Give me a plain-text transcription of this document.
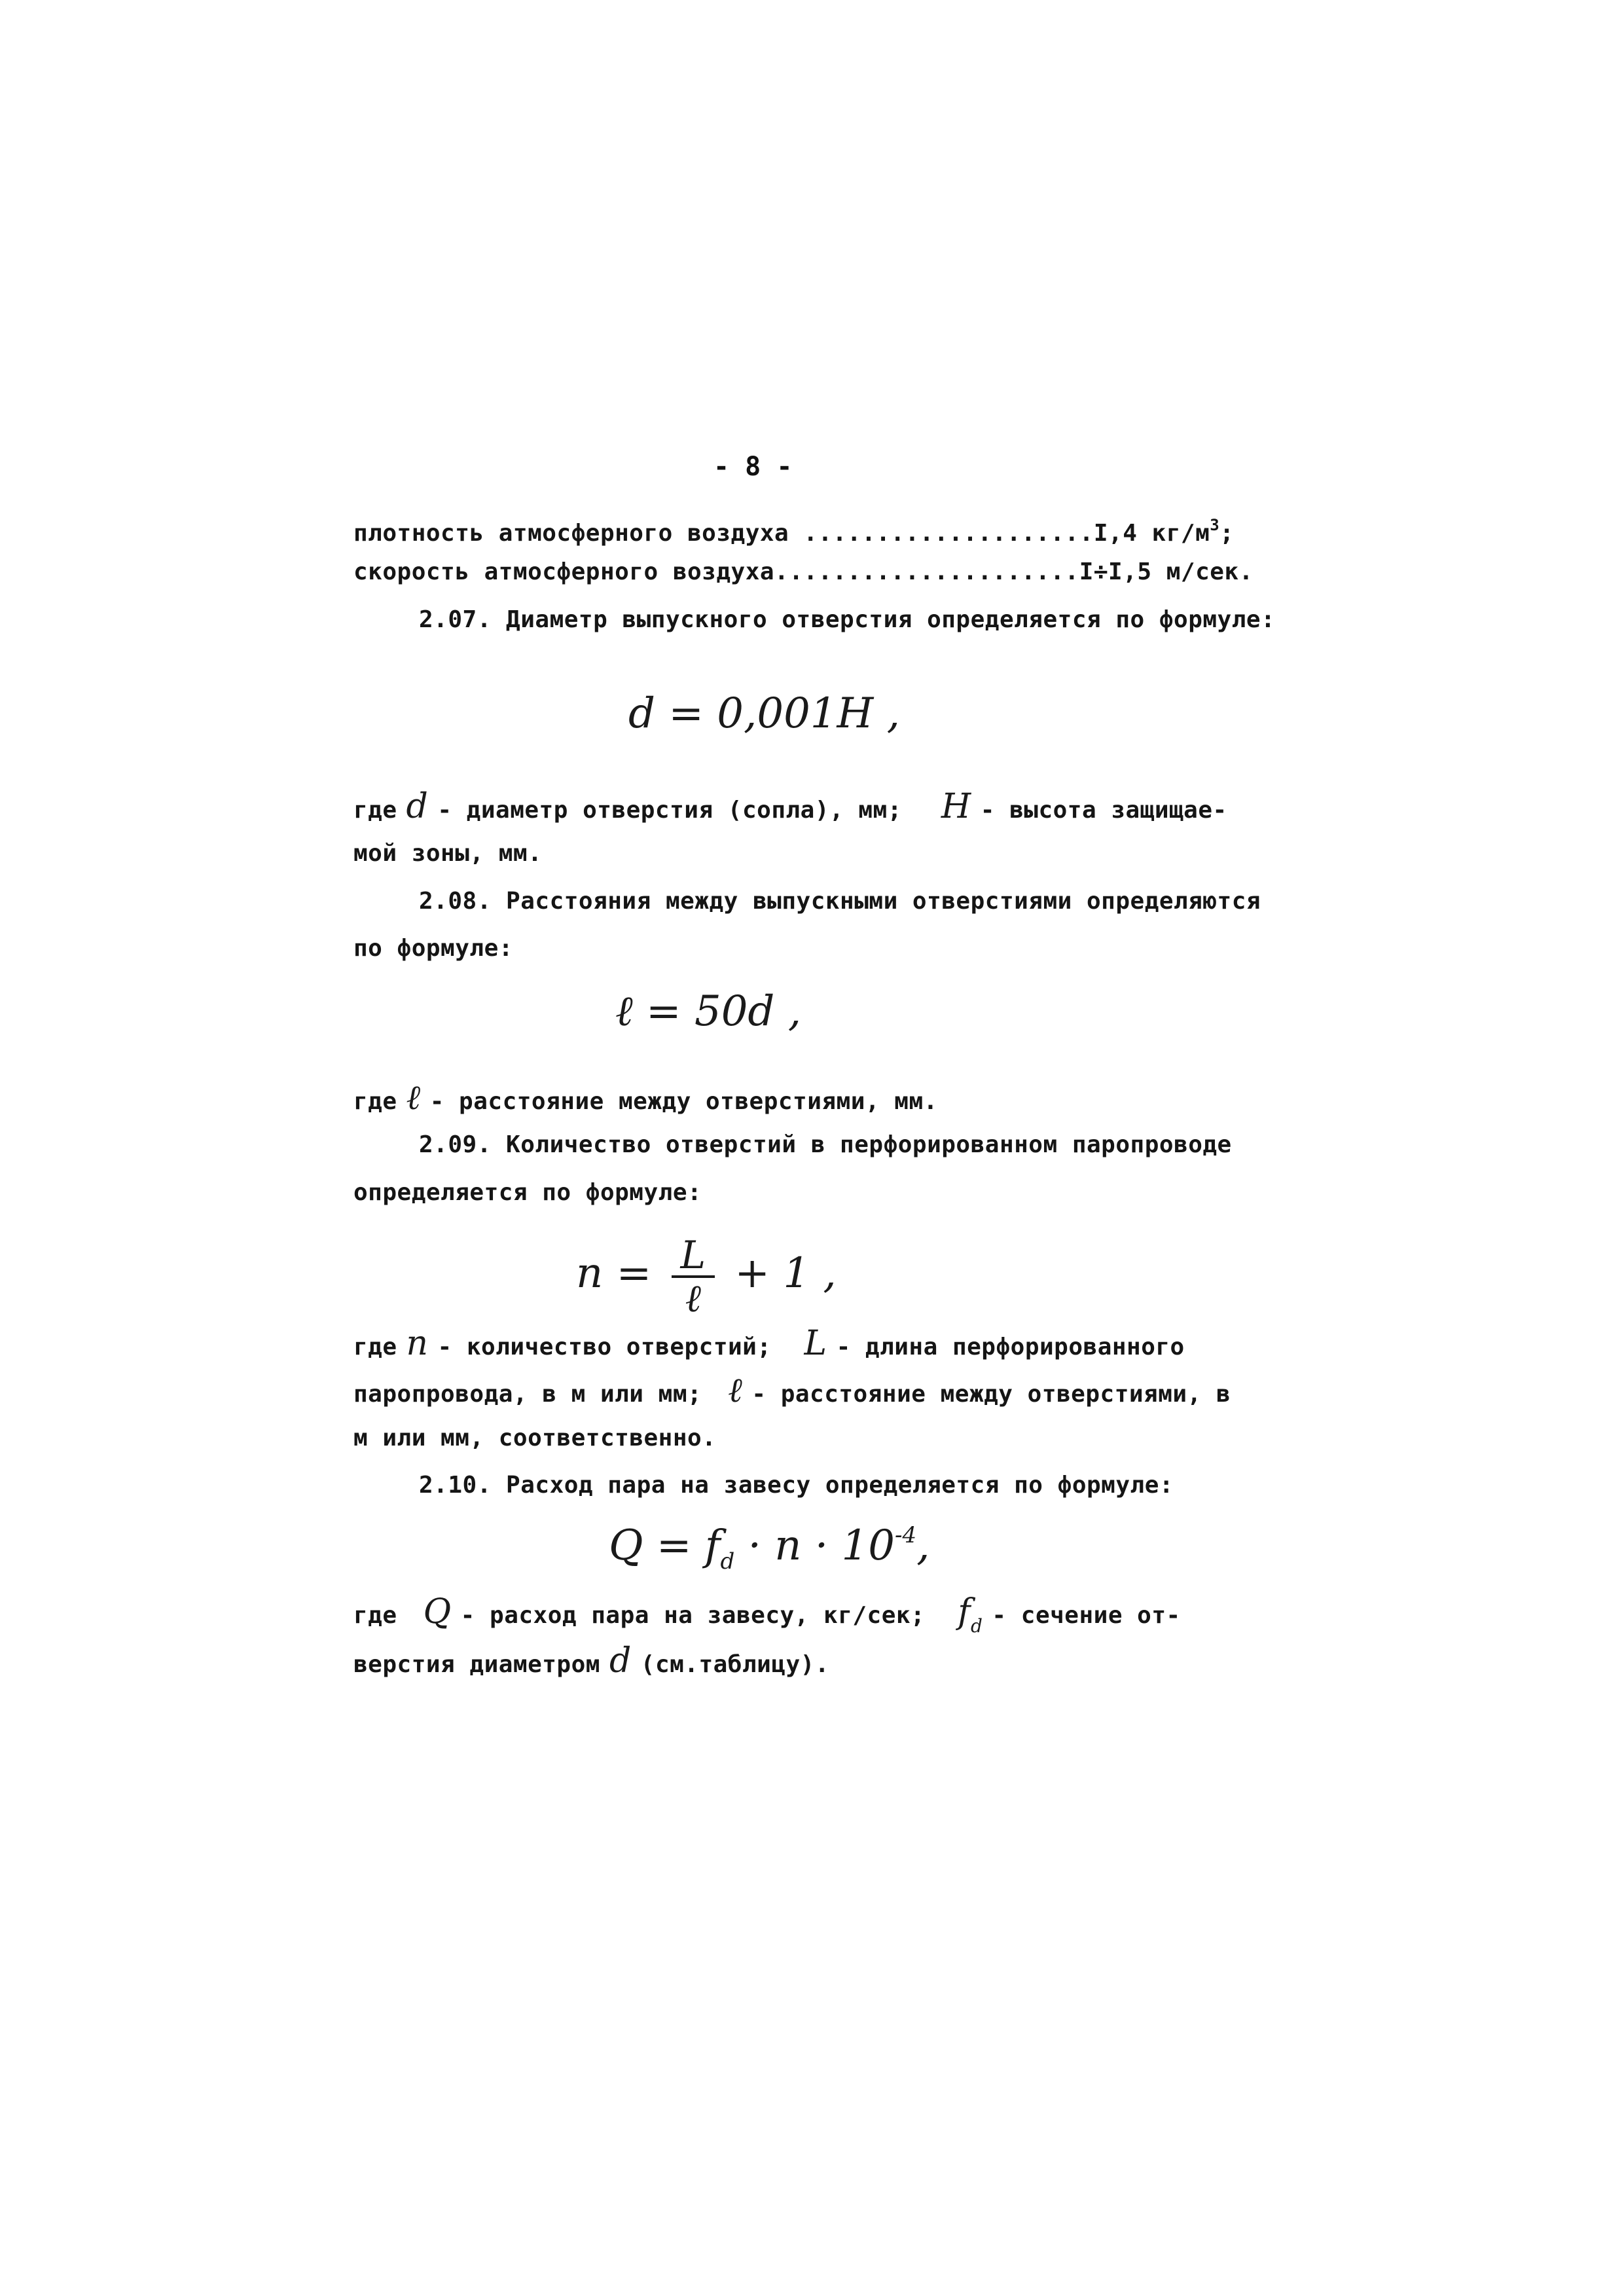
- 8 -
плотность атмосферного воздуха ....................I,4 $кг/м^3$;
скорость атмосферного воздуха.....................I÷I,5 м/сек.
2.07. Диаметр выпускного отверстия определяется по формуле:
d = 0,001H ,
где d - диаметр отверстия (сопла), мм; H - высота защищае-
мой зоны, мм.
2.08. Расстояния между выпускными отверстиями определяются
по формуле:
ℓ = 50d ,
где ℓ - расстояние между отверстиями, мм.
2.09. Количество отверстий в перфорированном паропроводе
определяется по формуле:
$n = \frac{L}{\text{ℓ}} + 1$ ,
где n - количество отверстий; L - длина перфорированного
паропровода, в м или мм; ℓ - расстояние между отверстиями, в
м или мм, соответственно.
2.10. Расход пара на завесу определяется по формуле:
$Q = f_d \cdot n \cdot 10^{-4}$,
где Q - расход пара на завесу, кг/сек; $f_d$ - сечение от-
верстия диаметром d (см.таблицу).
